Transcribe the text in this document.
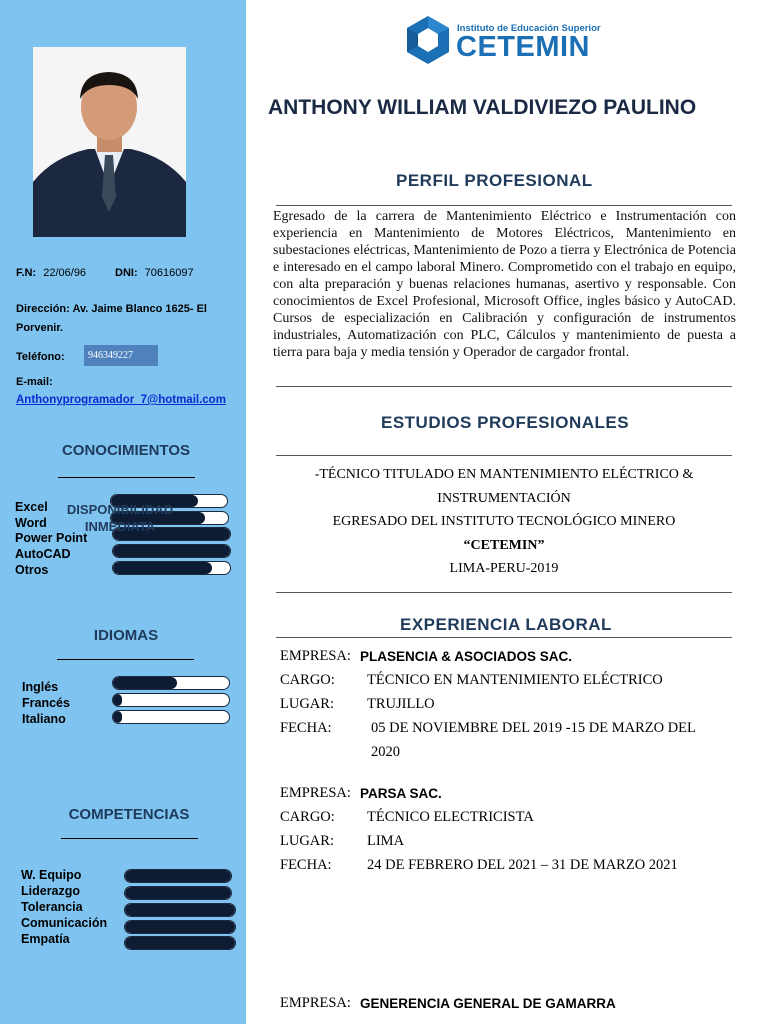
F.N: 22/06/96	DNI: 70616097
Dirección: Av. Jaime Blanco 1625- El Porvenir.
Teléfono:	946349227
E-mail:
Anthonyprogramador_7@hotmail.com
CONOCIMIENTOS
Excel
Word
Power Point
AutoCAD
Otros
DISPONIBILIDAD INMEDIATA
IDIOMAS
Inglés
Francés
Italiano
COMPETENCIAS
W. Equipo
Liderazgo
Tolerancia
Comunicación
Empatía
Instituto de Educación Superior
CETEMIN
ANTHONY WILLIAM VALDIVIEZO PAULINO
PERFIL PROFESIONAL
Egresado de la carrera de Mantenimiento Eléctrico e Instrumentación con experiencia en Mantenimiento de Motores Eléctricos, Mantenimiento en subestaciones eléctricas, Mantenimiento de Pozo a tierra y Electrónica de Potencia e interesado en el campo laboral Minero. Comprometido con el trabajo en equipo, con alta preparación y buenas relaciones humanas, asertivo y responsable. Con conocimientos de Excel Profesional, Microsoft Office, ingles básico y AutoCAD. Cursos de especialización en Calibración y configuración de instrumentos industriales, Automatización con PLC, Cálculos y mantenimiento de puesta a tierra para baja y media tensión y Operador de cargador frontal.
ESTUDIOS PROFESIONALES
-TÉCNICO TITULADO EN MANTENIMIENTO ELÉCTRICO &
INSTRUMENTACIÓN
EGRESADO DEL INSTITUTO TECNOLÓGICO MINERO
“CETEMIN”
LIMA-PERU-2019
EXPERIENCIA LABORAL
EMPRESA: PLASENCIA & ASOCIADOS SAC.
CARGO: TÉCNICO EN MANTENIMIENTO ELÉCTRICO
LUGAR: TRUJILLO
FECHA:	05 DE NOVIEMBRE DEL 2019 -15 DE MARZO DEL
2020
EMPRESA: PARSA SAC.
CARGO: TÉCNICO ELECTRICISTA
LUGAR: LIMA
FECHA: 24 DE FEBRERO DEL 2021 – 31 DE MARZO 2021
EMPRESA: GENERENCIA GENERAL DE GAMARRA
